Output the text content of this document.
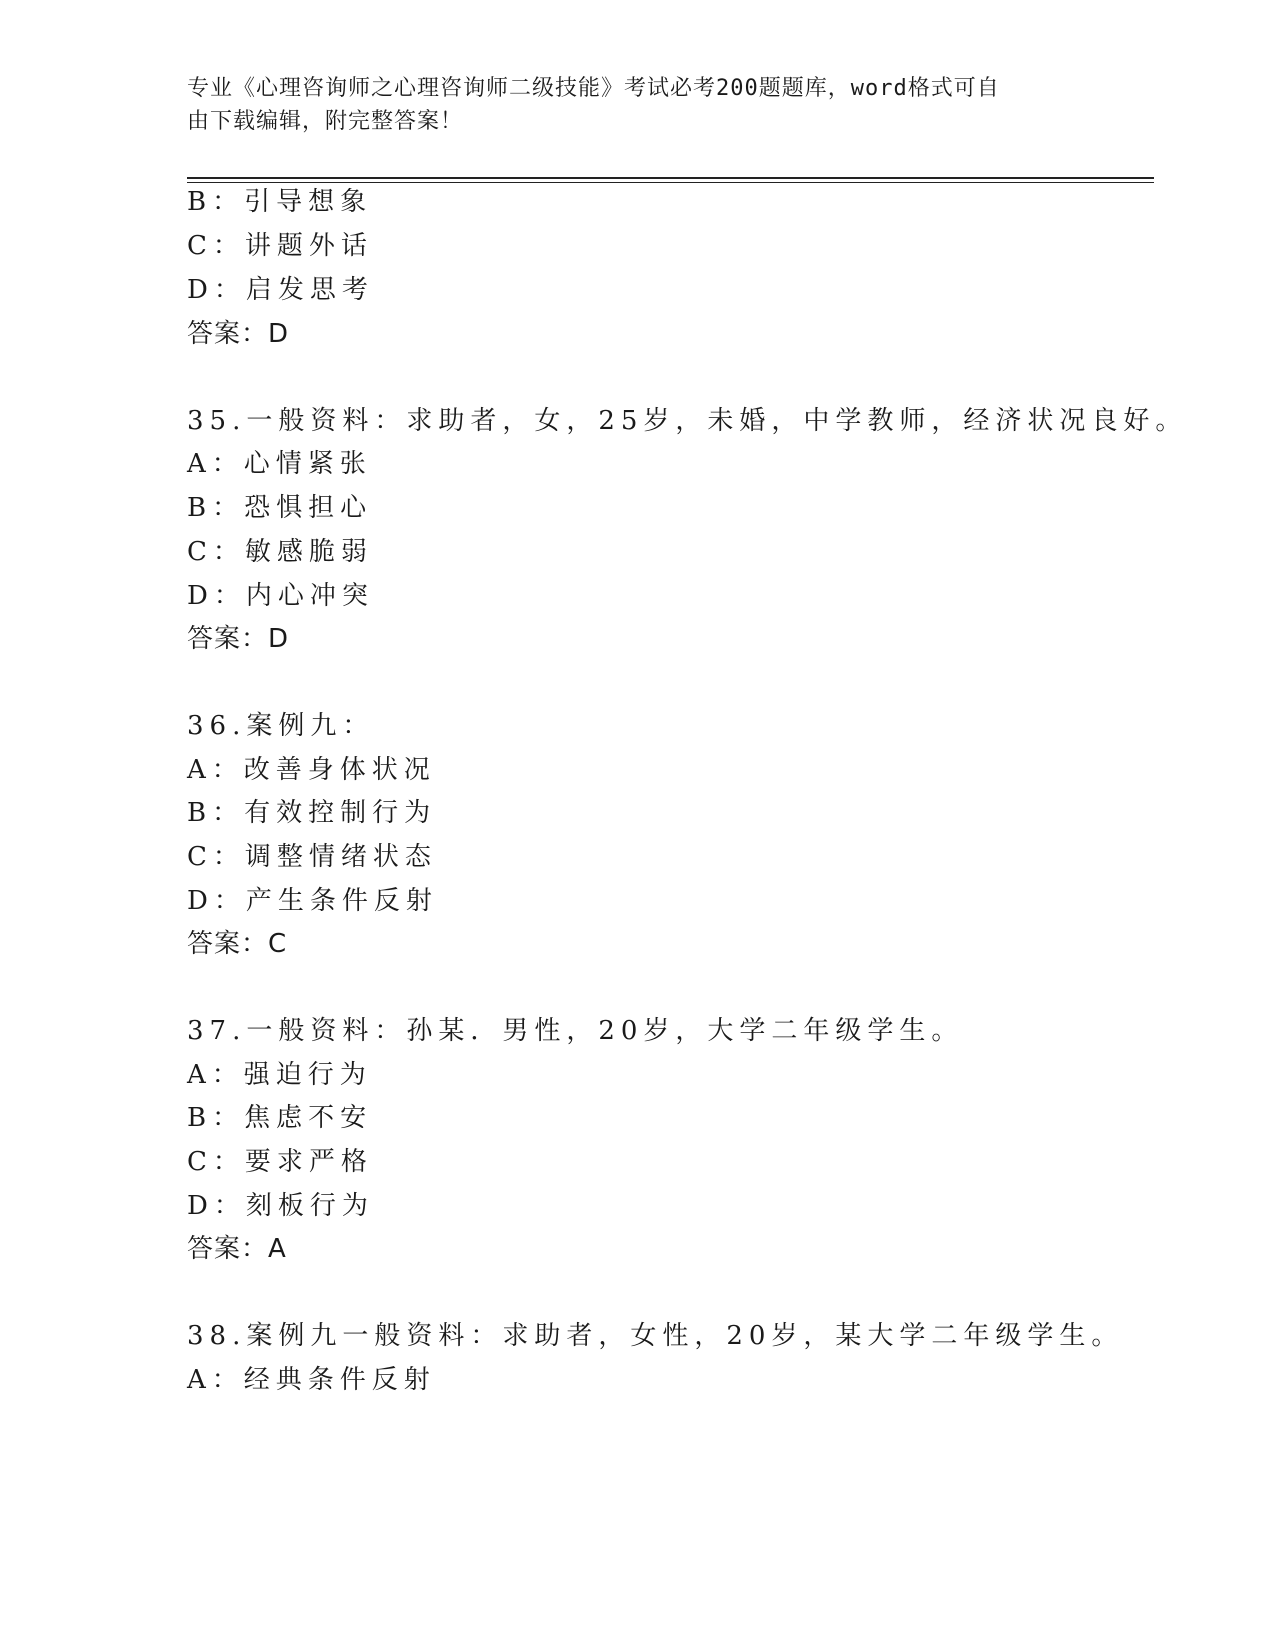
专业《心理咨询师之心理咨询师二级技能》考试必考200题题库，word格式可自
由下载编辑，附完整答案！
B：引导想象
C：讲题外话
D：启发思考
答案：D
35.一般资料：求助者，女，25岁，未婚，中学教师，经济状况良好。
A：心情紧张
B：恐惧担心
C：敏感脆弱
D：内心冲突
答案：D
36.案例九：
A：改善身体状况
B：有效控制行为
C：调整情绪状态
D：产生条件反射
答案：C
37.一般资料：孙某．男性，20岁，大学二年级学生。
A：强迫行为
B：焦虑不安
C：要求严格
D：刻板行为
答案：A
38.案例九一般资料：求助者，女性，20岁，某大学二年级学生。
A：经典条件反射
